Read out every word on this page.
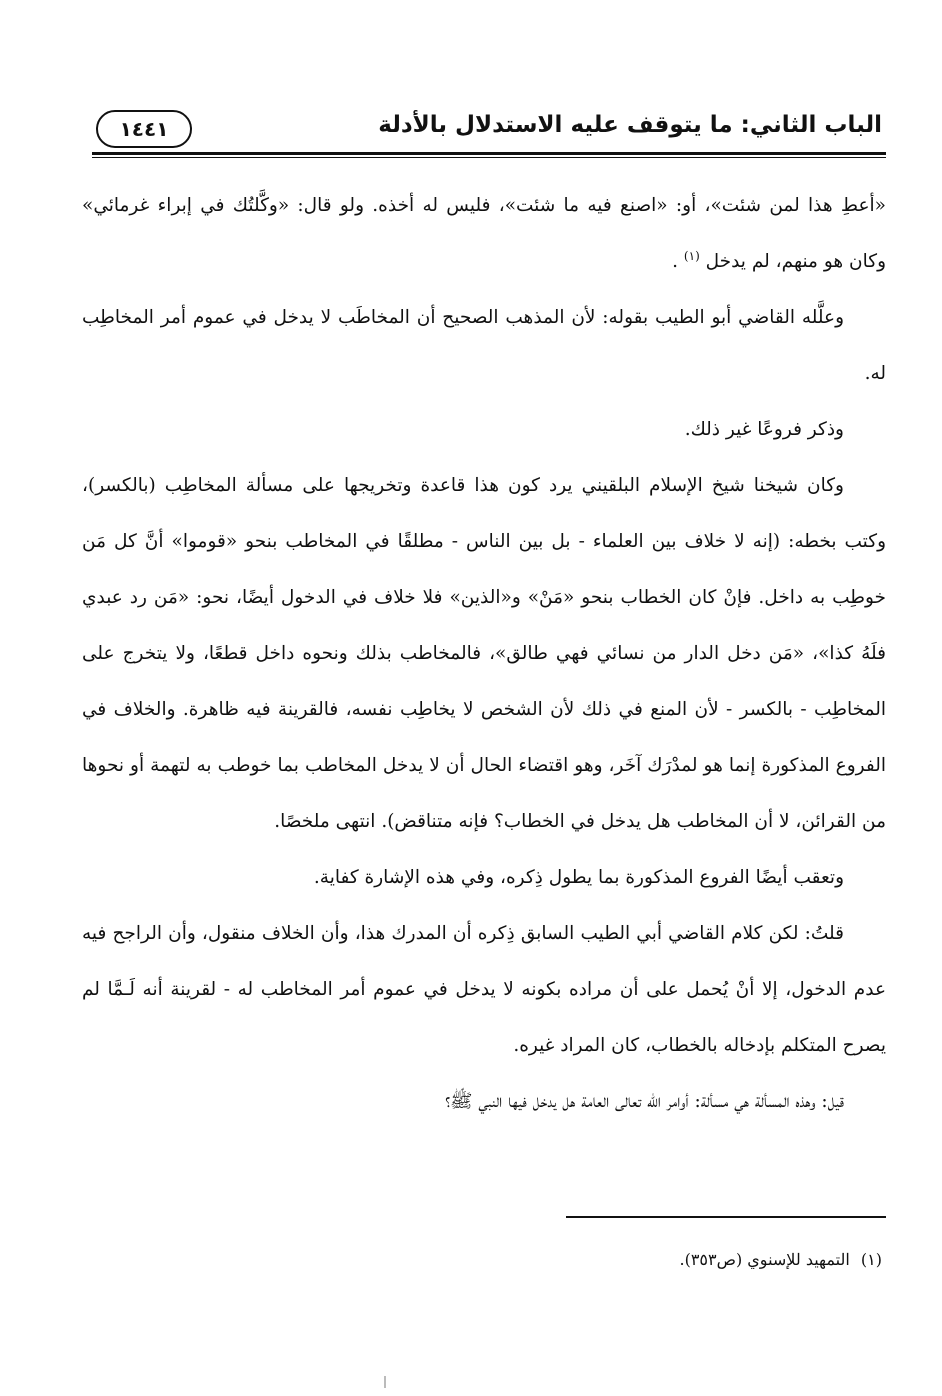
الباب الثاني: ما يتوقف عليه الاستدلال بالأدلة
١٤٤١

«أعطِ هذا لمن شئت»، أو: «اصنع فيه ما شئت»، فليس له أخذه. ولو قال: «وكَّلتُك في إبراء غرمائي» وكان هو منهم، لم يدخل $^{(١)}$ .

وعلَّله القاضي أبو الطيب بقوله: لأن المذهب الصحيح أن المخاطَب لا يدخل في عموم أمر المخاطِب له.

وذكر فروعًا غير ذلك.

وكان شيخنا شيخ الإسلام البلقيني يرد كون هذا قاعدة وتخريجها على مسألة المخاطِب (بالكسر)، وكتب بخطه: (إنه لا خلاف بين العلماء - بل بين الناس - مطلقًا في المخاطب بنحو «قوموا» أنَّ كل مَن خوطِب به داخل. فإنْ كان الخطاب بنحو «مَنْ» و«الذين» فلا خلاف في الدخول أيضًا، نحو: «مَن رد عبدي فلَهُ كذا»، «مَن دخل الدار من نسائي فهي طالق»، فالمخاطب بذلك ونحوه داخل قطعًا، ولا يتخرج على المخاطِب - بالكسر - لأن المنع في ذلك لأن الشخص لا يخاطِب نفسه، فالقرينة فيه ظاهرة. والخلاف في الفروع المذكورة إنما هو لمدْرَك آخَر، وهو اقتضاء الحال أن لا يدخل المخاطب بما خوطب به لتهمة أو نحوها من القرائن، لا أن المخاطب هل يدخل في الخطاب؟ فإنه متناقض). انتهى ملخصًا.

وتعقب أيضًا الفروع المذكورة بما يطول ذِكره، وفي هذه الإشارة كفاية.

قلتُ: لكن كلام القاضي أبي الطيب السابق ذِكره أن المدرك هذا، وأن الخلاف منقول، وأن الراجح فيه عدم الدخول، إلا أنْ يُحمل على أن مراده بكونه لا يدخل في عموم أمر المخاطب له - لقرينة أنه لَـمَّا لم يصرح المتكلم بإدخاله بالخطاب، كان المراد غيره.

قيل: وهذه المسألة هي مسألة: أوامر الله تعالى العامة هل يدخل فيها النبي ﷺ؟

(١) التمهيد للإسنوي (ص٣٥٣).
